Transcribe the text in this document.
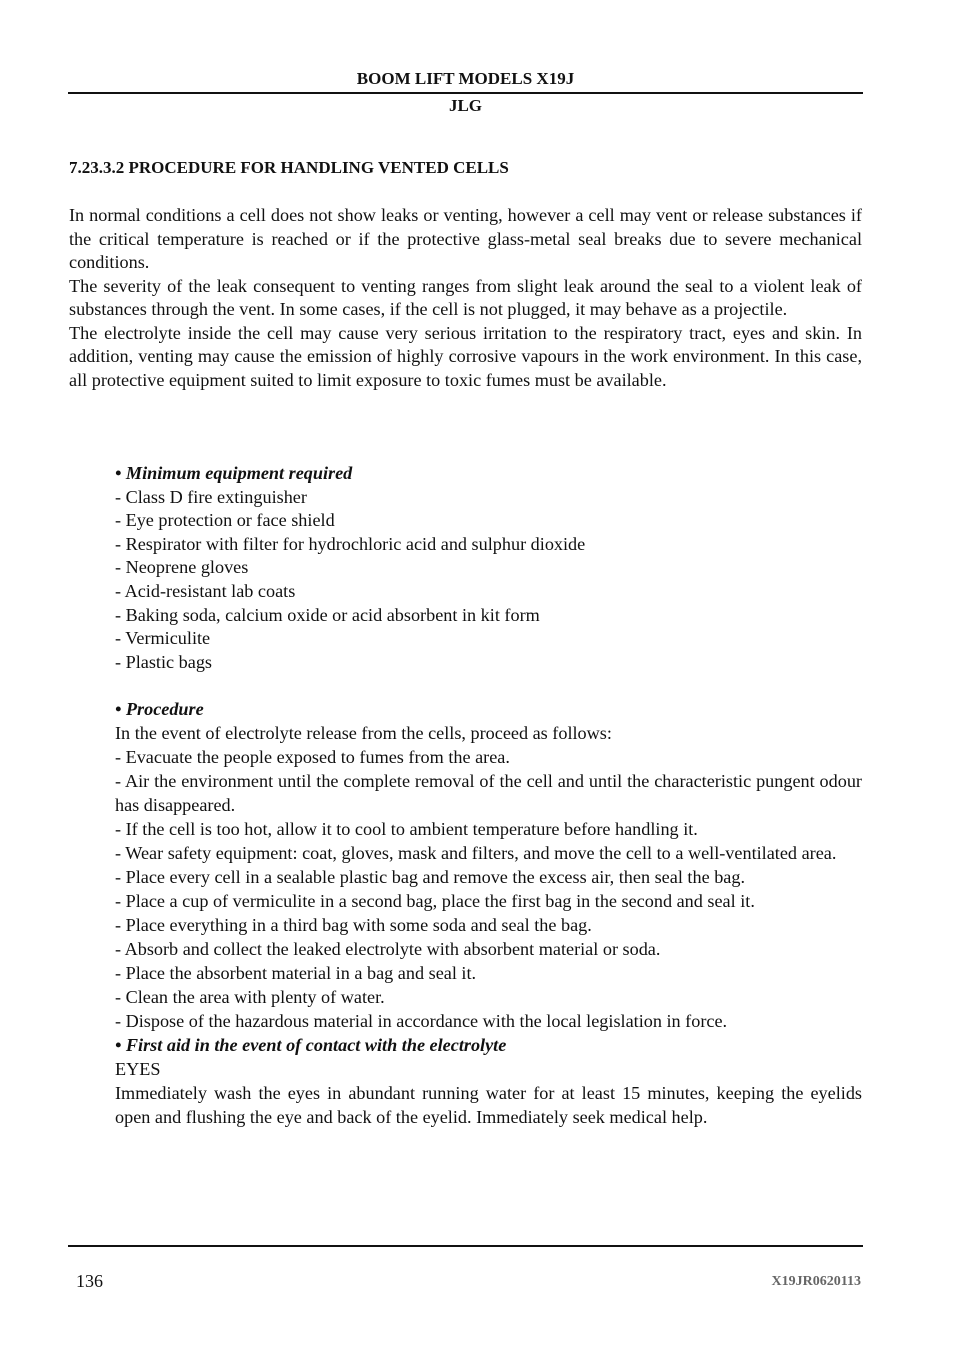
BOOM LIFT MODELS X19J
JLG
7.23.3.2 PROCEDURE FOR HANDLING VENTED CELLS

In normal conditions a cell does not show leaks or venting, however a cell may vent or release substances if the critical temperature is reached or if the protective glass-metal seal breaks due to severe mechanical conditions.

The severity of the leak consequent to venting ranges from slight leak around the seal to a violent leak of substances through the vent. In some cases, if the cell is not plugged, it may behave as a projectile.

The electrolyte inside the cell may cause very serious irritation to the respiratory tract, eyes and skin. In addition, venting may cause the emission of highly corrosive vapours in the work environment. In this case, all protective equipment suited to limit exposure to toxic fumes must be available.

• Minimum equipment required
- Class D fire extinguisher
- Eye protection or face shield
- Respirator with filter for hydrochloric acid and sulphur dioxide
- Neoprene gloves
- Acid-resistant lab coats
- Baking soda, calcium oxide or acid absorbent in kit form
- Vermiculite
- Plastic bags
• Procedure
In the event of electrolyte release from the cells, proceed as follows:
- Evacuate the people exposed to fumes from the area.
- Air the environment until the complete removal of the cell and until the characteristic pungent odour has disappeared.
- If the cell is too hot, allow it to cool to ambient temperature before handling it.
- Wear safety equipment: coat, gloves, mask and filters, and move the cell to a well-ventilated area.
- Place every cell in a sealable plastic bag and remove the excess air, then seal the bag.
- Place a cup of vermiculite in a second bag, place the first bag in the second and seal it.
- Place everything in a third bag with some soda and seal the bag.
- Absorb and collect the leaked electrolyte with absorbent material or soda.
- Place the absorbent material in a bag and seal it.
- Clean the area with plenty of water.
- Dispose of the hazardous material in accordance with the local legislation in force.
• First aid in the event of contact with the electrolyte
EYES
Immediately wash the eyes in abundant running water for at least 15 minutes, keeping the eyelids open and flushing the eye and back of the eyelid. Immediately seek medical help.
136	X19JR0620113
